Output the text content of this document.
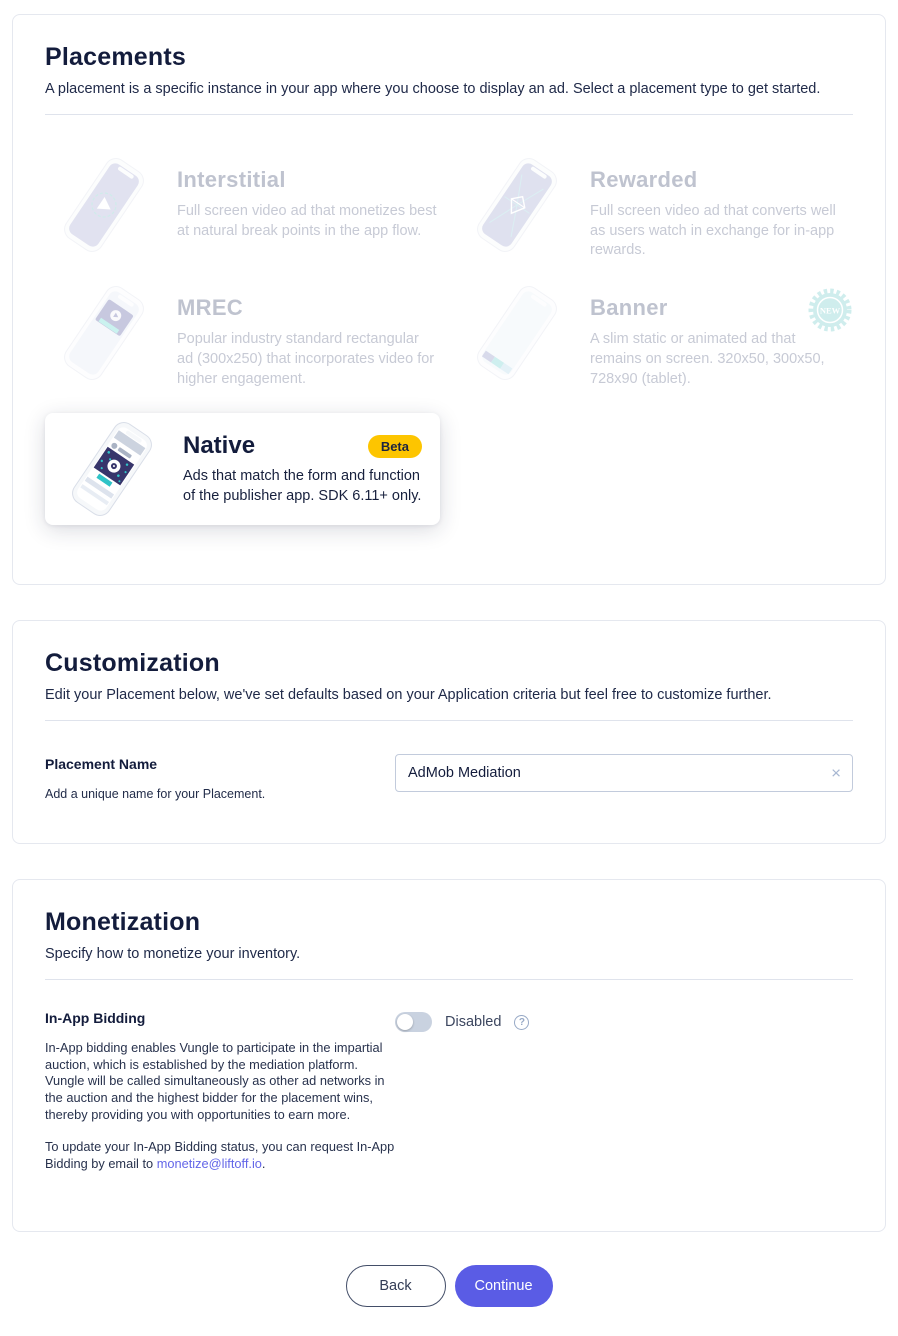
Placements

A placement is a specific instance in your app where you choose to display an ad. Select a placement type to get started.

Interstitial

Full screen video ad that monetizes best at natural break points in the app flow.

Rewarded

Full screen video ad that converts well as users watch in exchange for in-app rewards.

MREC

Popular industry standard rectangular ad (300x250) that incorporates video for higher engagement.

Banner

A slim static or animated ad that remains on screen. 320x50, 300x50, 728x90 (tablet).

NEW
Native	Beta

Ads that match the form and function of the publisher app. SDK 6.11+ only.

Customization

Edit your Placement below, we've set defaults based on your Application criteria but feel free to customize further.

Placement Name

Add a unique name for your Placement.

AdMob Mediation
×
Monetization

Specify how to monetize your inventory.

In-App Bidding

In-App bidding enables Vungle to participate in the impartial auction, which is established by the mediation platform. Vungle will be called simultaneously as other ad networks in the auction and the highest bidder for the placement wins, thereby providing you with opportunities to earn more.

To update your In-App Bidding status, you can request In-App Bidding by email to monetize@liftoff.io.

Disabled	?
Back	Continue
